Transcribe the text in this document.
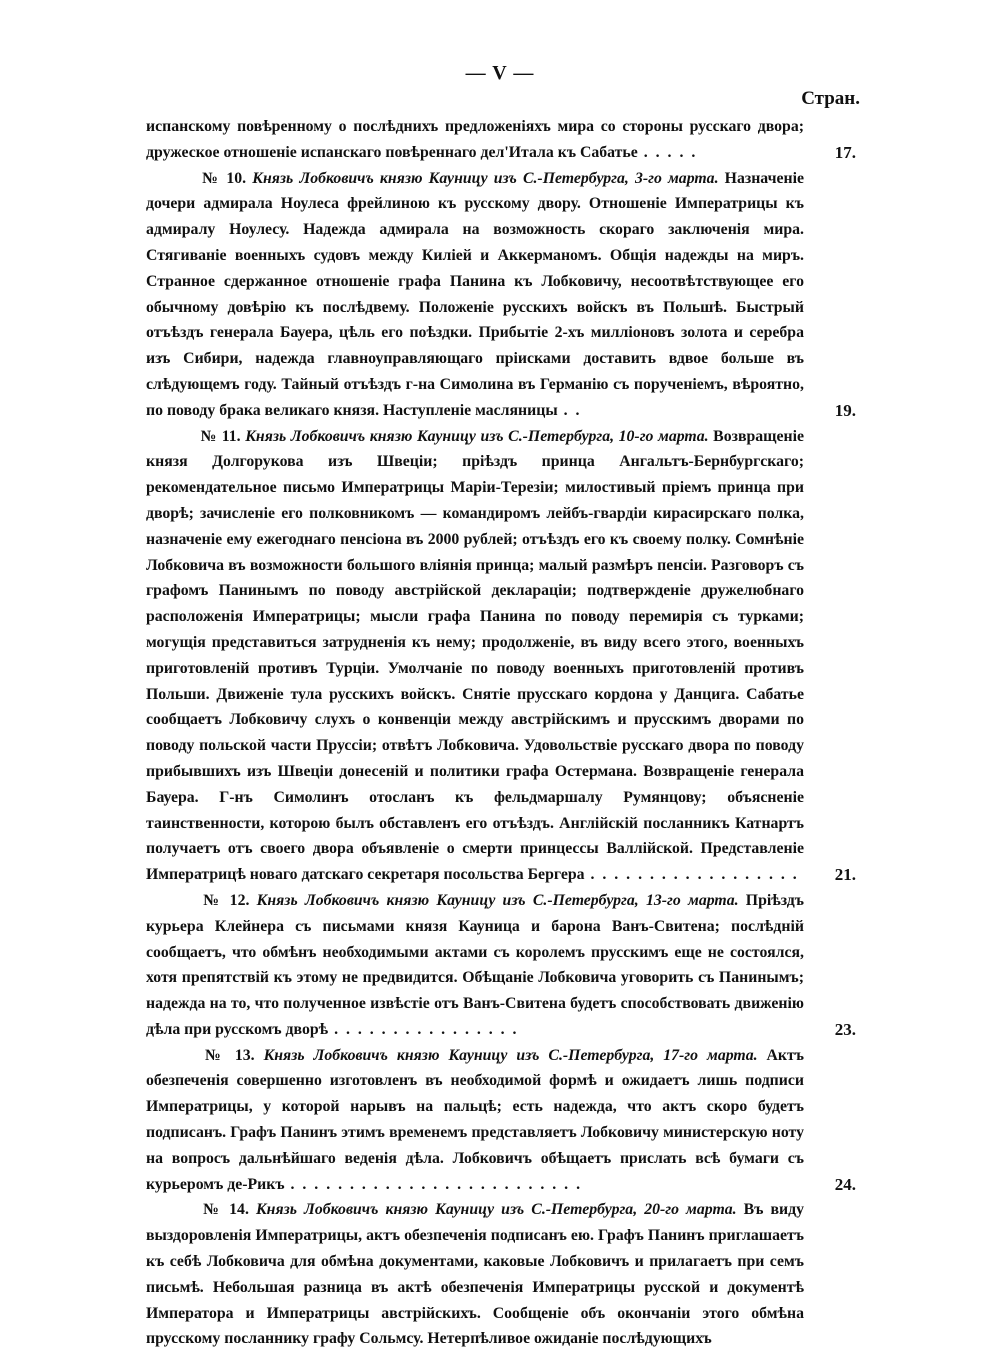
— V —
Стран.
испанскому повѣренному о послѣднихъ предложеніяхъ мира со стороны русскаго двора; дружеское отношеніе испанскаго повѣреннаго дел'Итала къ Сабатье . . . . .	17.
№ 10. Князь Лобковичъ князю Кауницу изъ С.-Петербурга, 3-го марта. Назначеніе дочери адмирала Ноулеса фрейлиною къ русскому двору. Отношеніе Императрицы къ адмиралу Ноулесу. Надежда адмирала на возможность скораго заключенія мира. Стягиваніе военныхъ судовъ между Киліей и Аккерманомъ. Общія надежды на миръ. Странное сдержанное отношеніе графа Панина къ Лобковичу, несоотвѣтствующее его обычному довѣрію къ послѣдвему. Положеніе русскихъ войскъ въ Польшѣ. Быстрый отъѣздъ генерала Бауера, цѣль его поѣздки. Прибытіе 2-хъ милліоновъ золота и серебра изъ Сибири, надежда главноуправляющаго пріисками доставить вдвое больше въ слѣдующемъ году. Тайный отъѣздъ г-на Симолина въ Германію съ порученіемъ, вѣроятно, по поводу брака великаго князя. Наступленіе масляницы . .	19.
№ 11. Князь Лобковичъ князю Кауницу изъ С.-Петербурга, 10-го марта. Возвращеніе князя Долгорукова изъ Швеціи; пріѣздъ принца Ангальтъ-Бернбургскаго; рекомендательное письмо Императрицы Маріи-Терезіи; милостивый пріемъ принца при дворѣ; зачисленіе его полковникомъ — командиромъ лейбъ-гвардіи кирасирскаго полка, назначеніе ему ежегоднаго пенсіона въ 2000 рублей; отъѣздъ его къ своему полку. Сомнѣніе Лобковича въ возможности большого вліянія принца; малый размѣръ пенсіи. Разговоръ съ графомъ Панинымъ по поводу австрійской декларацiи; подтвержденіе дружелюбнаго расположенія Императрицы; мысли графа Панина по поводу перемирія съ турками; могущія представиться затрудненія къ нему; продолженіе, въ виду всего этого, военныхъ приготовленій противъ Турціи. Умолчаніе по поводу военныхъ приготовленій противъ Польши. Движеніе тула русскихъ войскъ. Снятіе прусскаго кордона у Данцига. Сабатье сообщаетъ Лобковичу слухъ о конвенціи между австрійскимъ и прусскимъ дворами по поводу польской части Пруссіи; отвѣтъ Лобковича. Удовольствіе русскаго двора по поводу прибывшихъ изъ Швеціи донесеній и политики графа Остермана. Возвращеніе генерала Бауера. Г-нъ Симолинъ отосланъ къ фельдмаршалу Румянцову; объясненіе таинственности, которою былъ обставленъ его отъѣздъ. Англійскій посланникъ Катнартъ получаетъ отъ своего двора объявленіе о смерти принцессы Валлійской. Представленіе Императрицѣ новаго датскаго секретаря посольства Бергера . . . . . . . . . . . . . . . . . .	21.
№ 12. Князь Лобковичъ князю Кауницу изъ С.-Петербурга, 13-го марта. Пріѣздъ курьера Клейнера съ письмами князя Кауница и барона Ванъ-Свитена; послѣдній сообщаетъ, что обмѣнъ необходимыми актами съ королемъ прусскимъ еще не состоялся, хотя препятствій къ этому не предвидится. Обѣщаніе Лобковича уговорить съ Панинымъ; надежда на то, что полученное извѣстіе отъ Ванъ-Свитена будетъ способствовать движенію дѣла при русскомъ дворѣ . . . . . . . . . . . . . . . .	23.
№ 13. Князь Лобковичъ князю Кауницу изъ С.-Петербурга, 17-го марта. Актъ обезпеченія совершенно изготовленъ въ необходимой формѣ и ожидаетъ лишь подписи Императрицы, у которой нарывъ на пальцѣ; есть надежда, что актъ скоро будетъ подписанъ. Графъ Панинъ этимъ временемъ представляетъ Лобковичу министерскую ноту на вопросъ дальнѣйшаго веденія дѣла. Лобковичъ обѣщаетъ прислать всѣ бумаги съ курьеромъ де-Рикъ . . . . . . . . . . . . . . . . . . . . . . . . .	24.
№ 14. Князь Лобковичъ князю Кауницу изъ С.-Петербурга, 20-го марта. Въ виду выздоровленія Императрицы, актъ обезпеченія подписанъ ею. Графъ Панинъ приглашаетъ къ себѣ Лобковича для обмѣна документами, каковые Лобковичъ и прилагаетъ при семъ письмѣ. Небольшая разница въ актѣ обезпеченія Императрицы русской и документѣ Императора и Императрицы австрійскихъ. Сообщеніе объ окончаніи этого обмѣна прусскому посланнику графу Сольмсу. Нетерпѣливое ожиданіе послѣдующихъ
